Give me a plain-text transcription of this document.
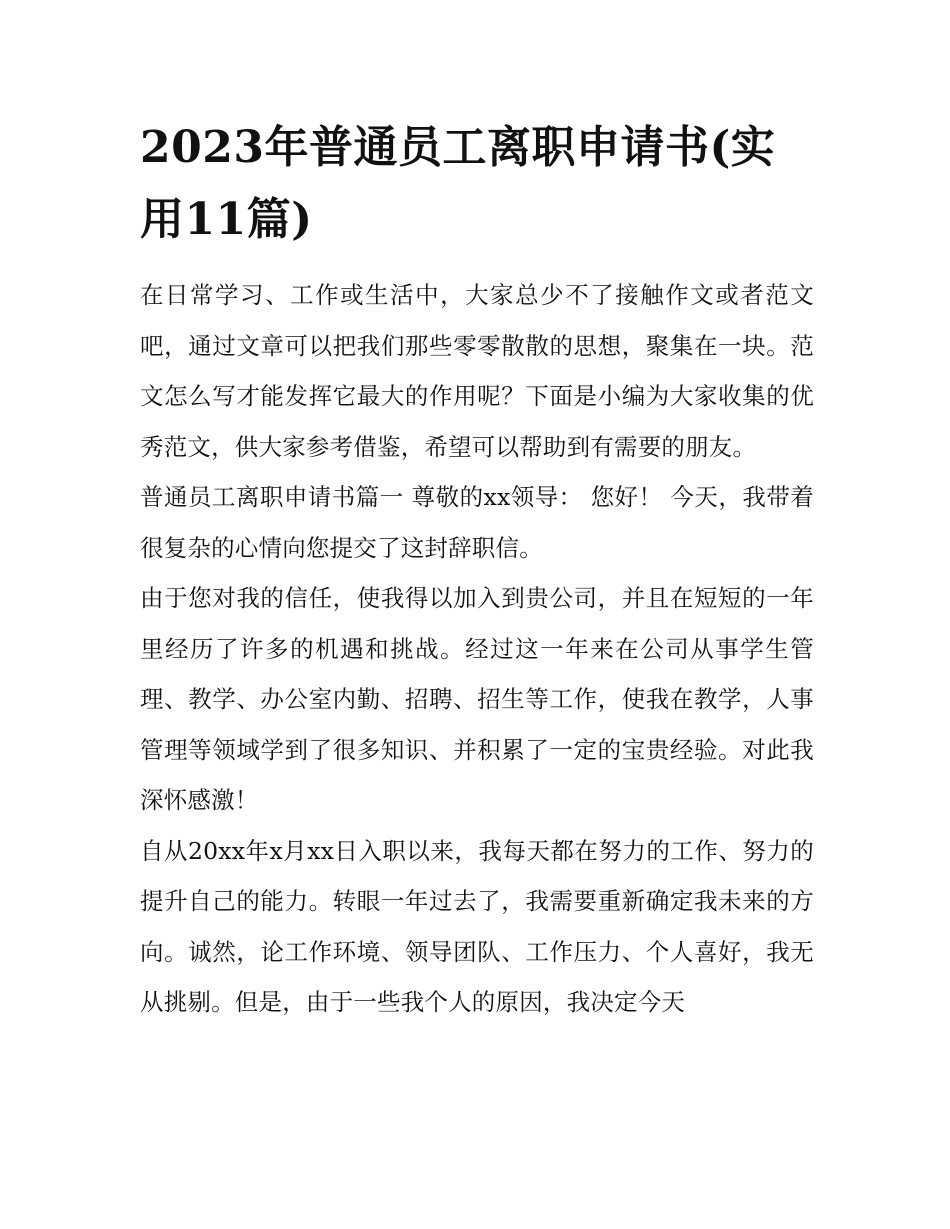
2023年普通员工离职申请书(实用11篇)

在日常学习、工作或生活中，大家总少不了接触作文或者范文吧，通过文章可以把我们那些零零散散的思想，聚集在一块。范文怎么写才能发挥它最大的作用呢？下面是小编为大家收集的优秀范文，供大家参考借鉴，希望可以帮助到有需要的朋友。

普通员工离职申请书篇一 尊敬的xx领导： 您好！ 今天，我带着很复杂的心情向您提交了这封辞职信。

由于您对我的信任，使我得以加入到贵公司，并且在短短的一年里经历了许多的机遇和挑战。经过这一年来在公司从事学生管理、教学、办公室内勤、招聘、招生等工作，使我在教学，人事管理等领域学到了很多知识、并积累了一定的宝贵经验。对此我深怀感激！

自从20xx年x月xx日入职以来，我每天都在努力的工作、努力的提升自己的能力。转眼一年过去了，我需要重新确定我未来的方向。诚然，论工作环境、领导团队、工作压力、个人喜好，我无从挑剔。但是，由于一些我个人的原因，我决定今天
